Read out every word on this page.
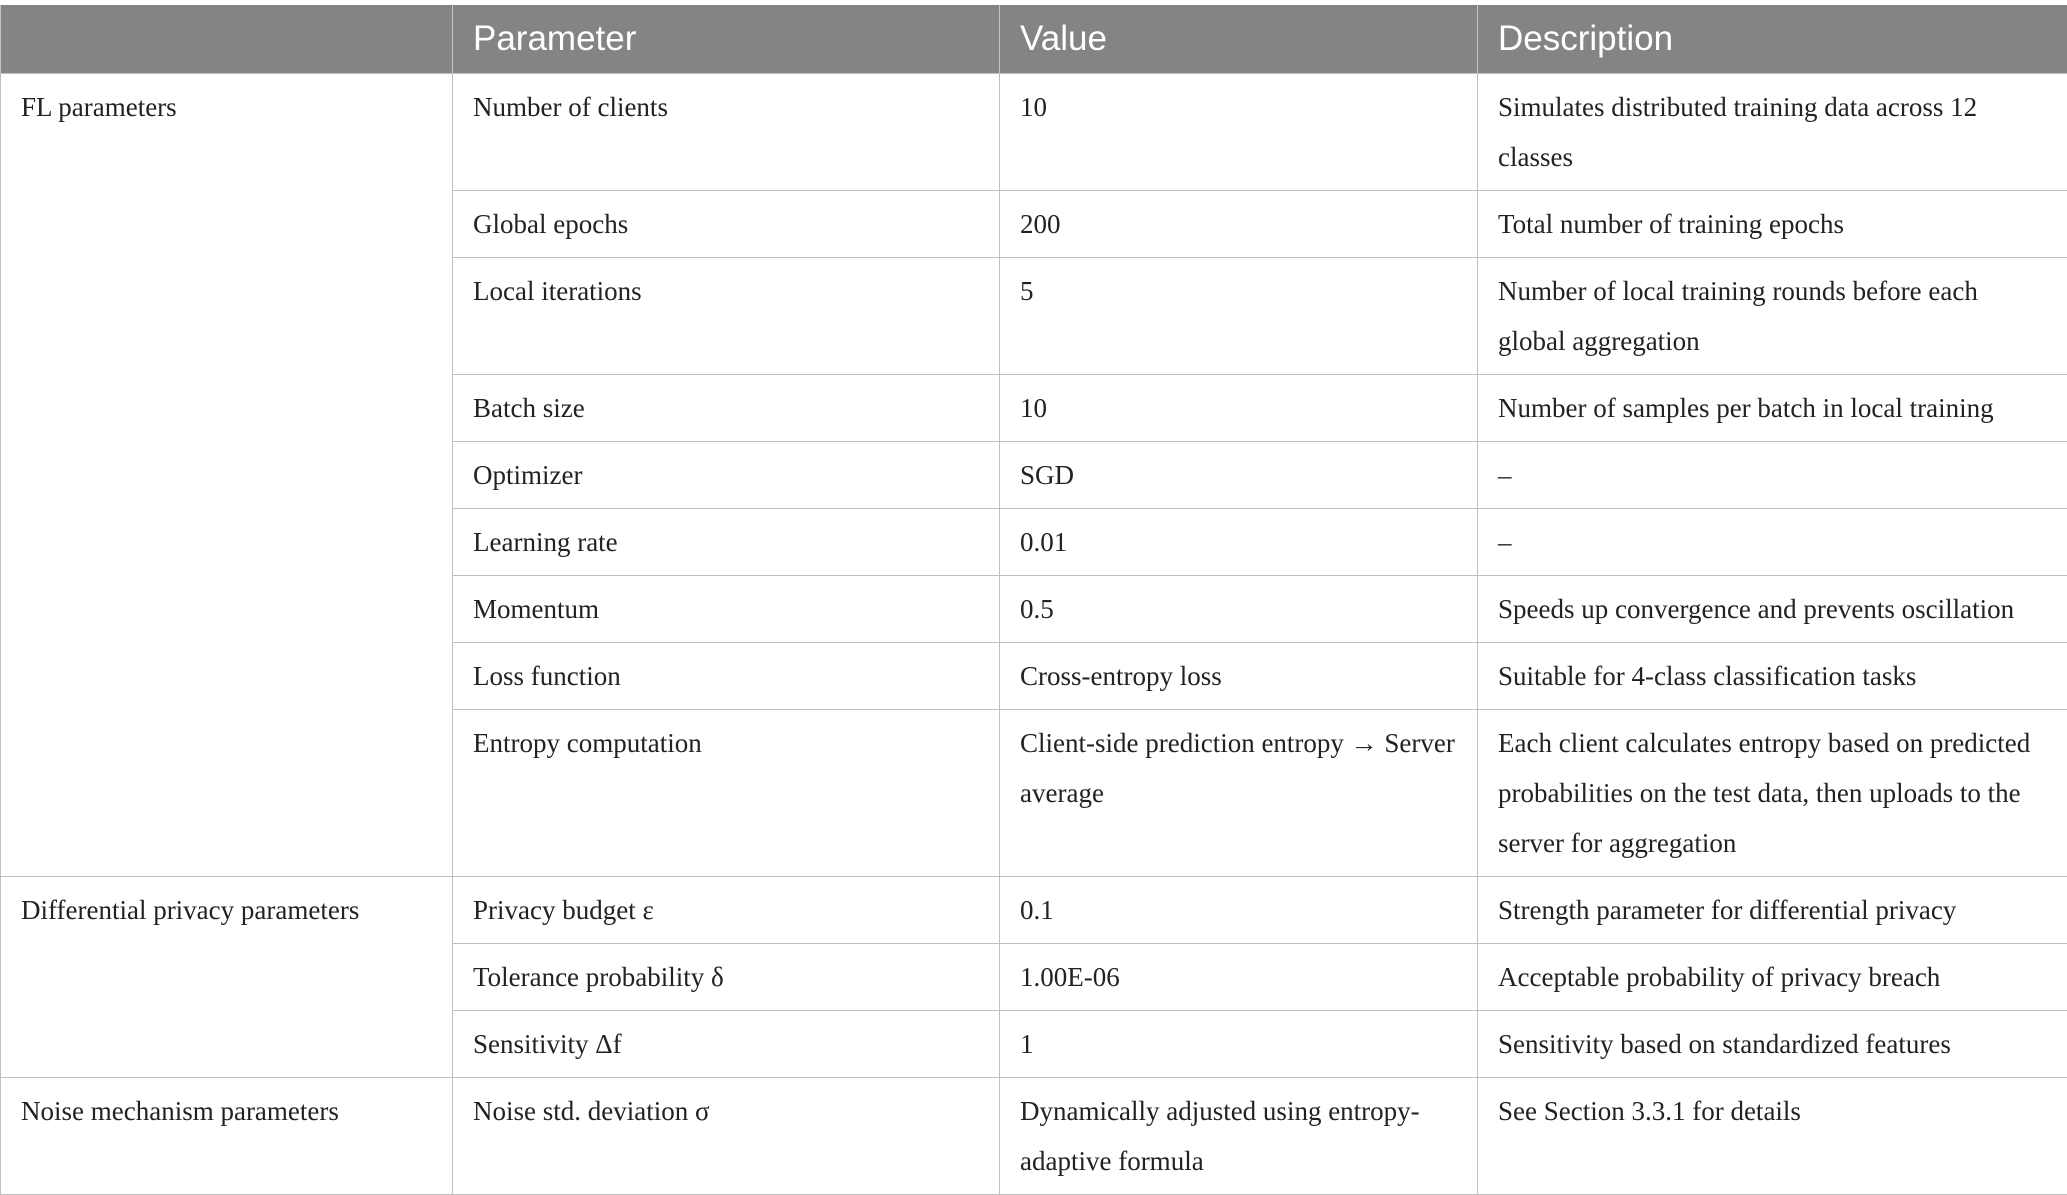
	Parameter	Value	Description
FL parameters	Number of clients	10	Simulates distributed training data across 12 classes
	Global epochs	200	Total number of training epochs
	Local iterations	5	Number of local training rounds before each global aggregation
	Batch size	10	Number of samples per batch in local training
	Optimizer	SGD	–
	Learning rate	0.01	–
	Momentum	0.5	Speeds up convergence and prevents oscillation
	Loss function	Cross-entropy loss	Suitable for 4-class classification tasks
	Entropy computation	Client-side prediction entropy → Server average	Each client calculates entropy based on predicted probabilities on the test data, then uploads to the server for aggregation
Differential privacy parameters	Privacy budget ε	0.1	Strength parameter for differential privacy
	Tolerance probability δ	1.00E-06	Acceptable probability of privacy breach
	Sensitivity Δf	1	Sensitivity based on standardized features
Noise mechanism parameters	Noise std. deviation σ	Dynamically adjusted using entropy-adaptive formula	See Section 3.3.1 for details
